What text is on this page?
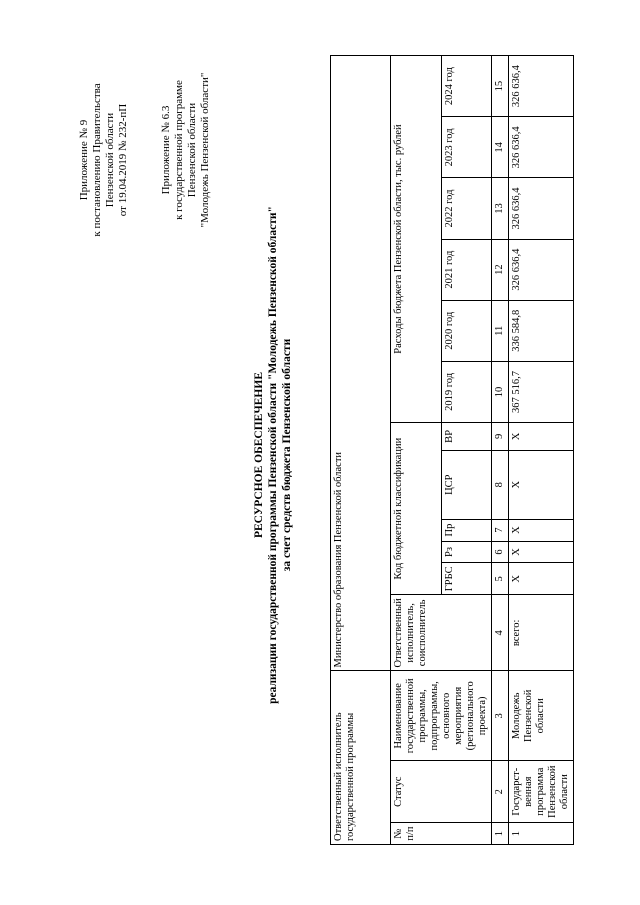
Приложение № 9 к постановлению Правительства Пензенской области от 19.04.2019 № 232-пП	Приложение № 6.3 к государственной программе Пензенской области "Молодежь Пензенской области"
РЕСУРСНОЕ ОБЕСПЕЧЕНИЕ реализации государственной программы Пензенской области "Молодежь Пензенской области" за счет средств бюджета Пензенской области
Ответственный исполнитель государственной программы			Министерство образования Пензенской области											
№ п/п	Статус	Наименование государственной программы, подпрограммы, основного мероприятия (регионального проекта)	Ответственный исполнитель, соисполнитель	Код бюджетной классификации					Расходы бюджета Пензенской области, тыс. рублей					
				ГРБС	Рз	Пр	ЦСР	ВР	2019 год	2020 год	2021 год	2022 год	2023 год	2024 год
1	2	3	4	5	6	7	8	9	10	11	12	13	14	15
1	Государст-венная программа Пензенской области	Молодежь Пензенской области	всего:	Х	Х	Х	Х	Х	367 516,7	336 584,8	326 636,4	326 636,4	326 636,4	326 636,4
